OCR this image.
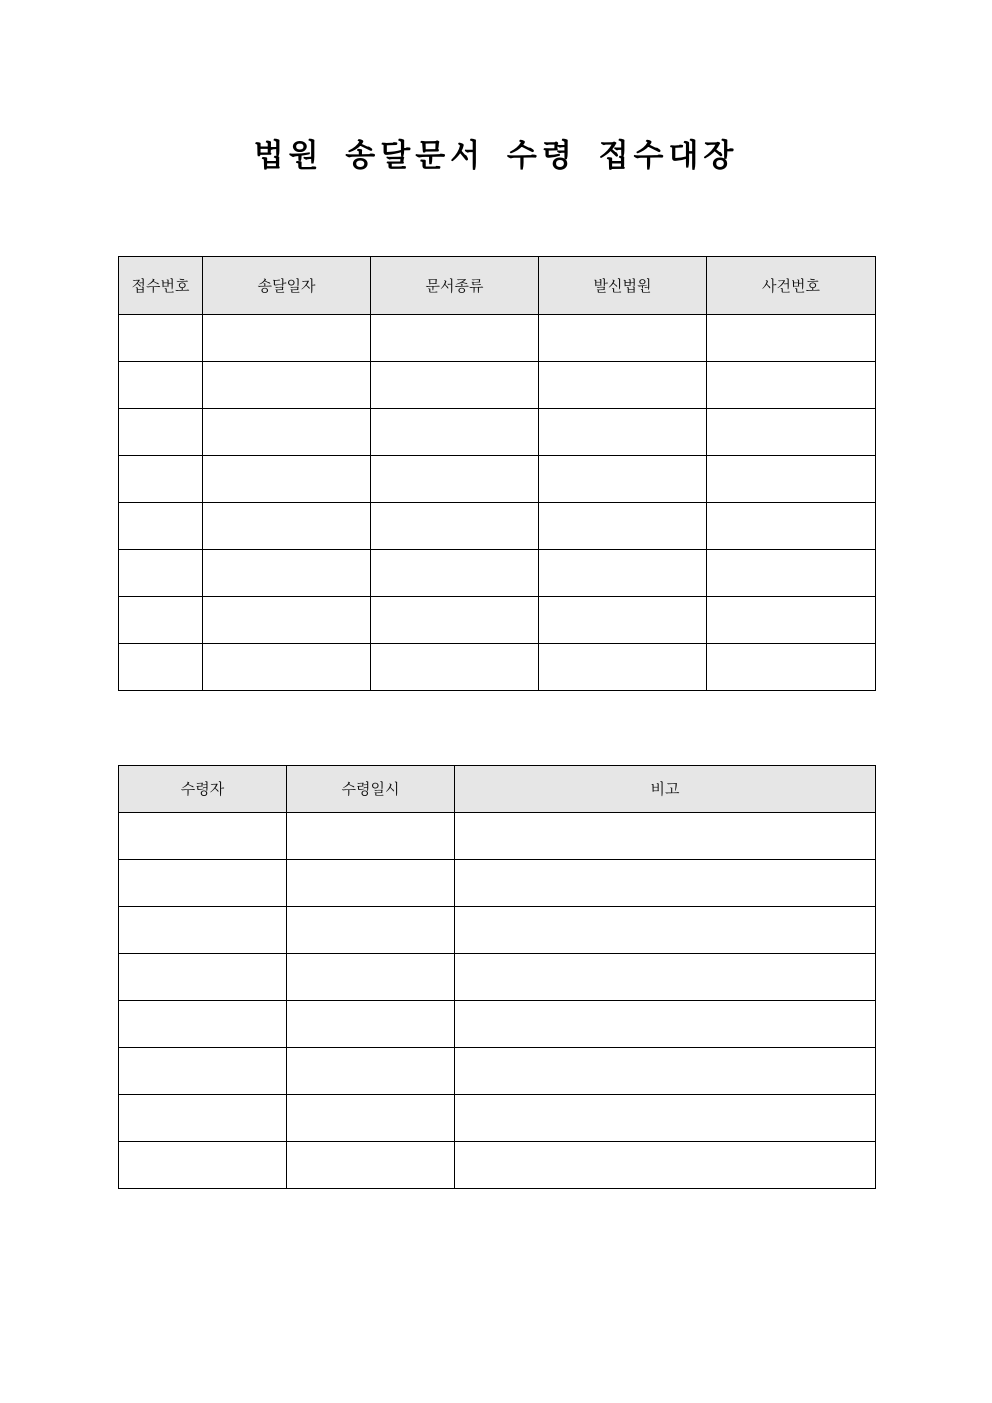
법원 송달문서 수령 접수대장
접수번호	송달일자	문서종류	발신법원	사건번호

수령자	수령일시	비고
